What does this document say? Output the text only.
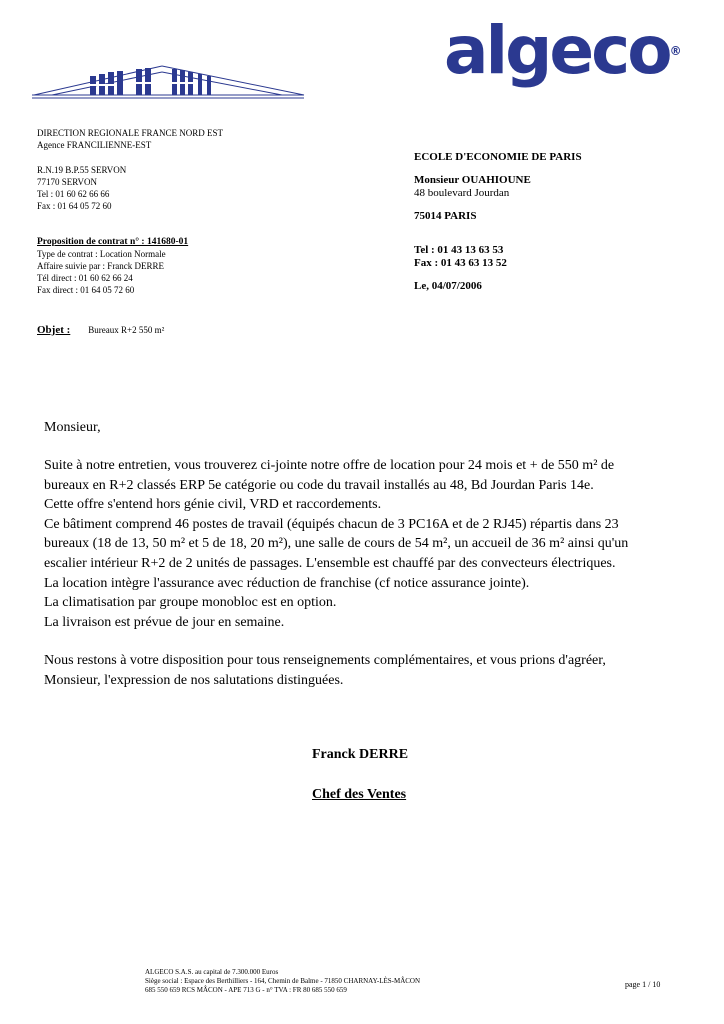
algeco®
DIRECTION REGIONALE FRANCE NORD EST
Agence FRANCILIENNE-EST
R.N.19 B.P.55 SERVON
77170 SERVON
Tel : 01 60 62 66 66
Fax : 01 64 05 72 60
Proposition de contrat n° : 141680-01
Type de contrat : Location Normale
Affaire suivie par : Franck DERRE
Tél direct : 01 60 62 66 24
Fax direct : 01 64 05 72 60
Objet : Bureaux R+2 550 m²
ECOLE D'ECONOMIE DE PARIS
Monsieur OUAHIOUNE
48 boulevard Jourdan
75014 PARIS
Tel : 01 43 13 63 53
Fax : 01 43 63 13 52
Le, 04/07/2006
Monsieur,
Suite à notre entretien, vous trouverez ci-jointe notre offre de location pour 24 mois et + de 550 m² de
bureaux en R+2 classés ERP 5e catégorie ou code du travail installés au 48, Bd Jourdan Paris 14e.
Cette offre s'entend hors génie civil, VRD et raccordements.
Ce bâtiment comprend 46 postes de travail (équipés chacun de 3 PC16A et de 2 RJ45) répartis dans 23
bureaux (18 de 13, 50 m² et 5 de 18, 20 m²), une salle de cours de 54 m², un accueil de 36 m² ainsi qu'un
escalier intérieur R+2 de 2 unités de passages. L'ensemble est chauffé par des convecteurs électriques.
La location intègre l'assurance avec réduction de franchise (cf notice assurance jointe).
La climatisation par groupe monobloc est en option.
La livraison est prévue de jour en semaine.
Nous restons à votre disposition pour tous renseignements complémentaires, et vous prions d'agréer,
Monsieur, l'expression de nos salutations distinguées.
Franck DERRE
Chef des Ventes
ALGECO S.A.S. au capital de 7.300.000 Euros
Siège social : Espace des Berthilliers - 164, Chemin de Balme - 71850 CHARNAY-LÈS-MÂCON
685 550 659 RCS MÂCON - APE 713 G - n° TVA : FR 80 685 550 659
page 1 / 10
